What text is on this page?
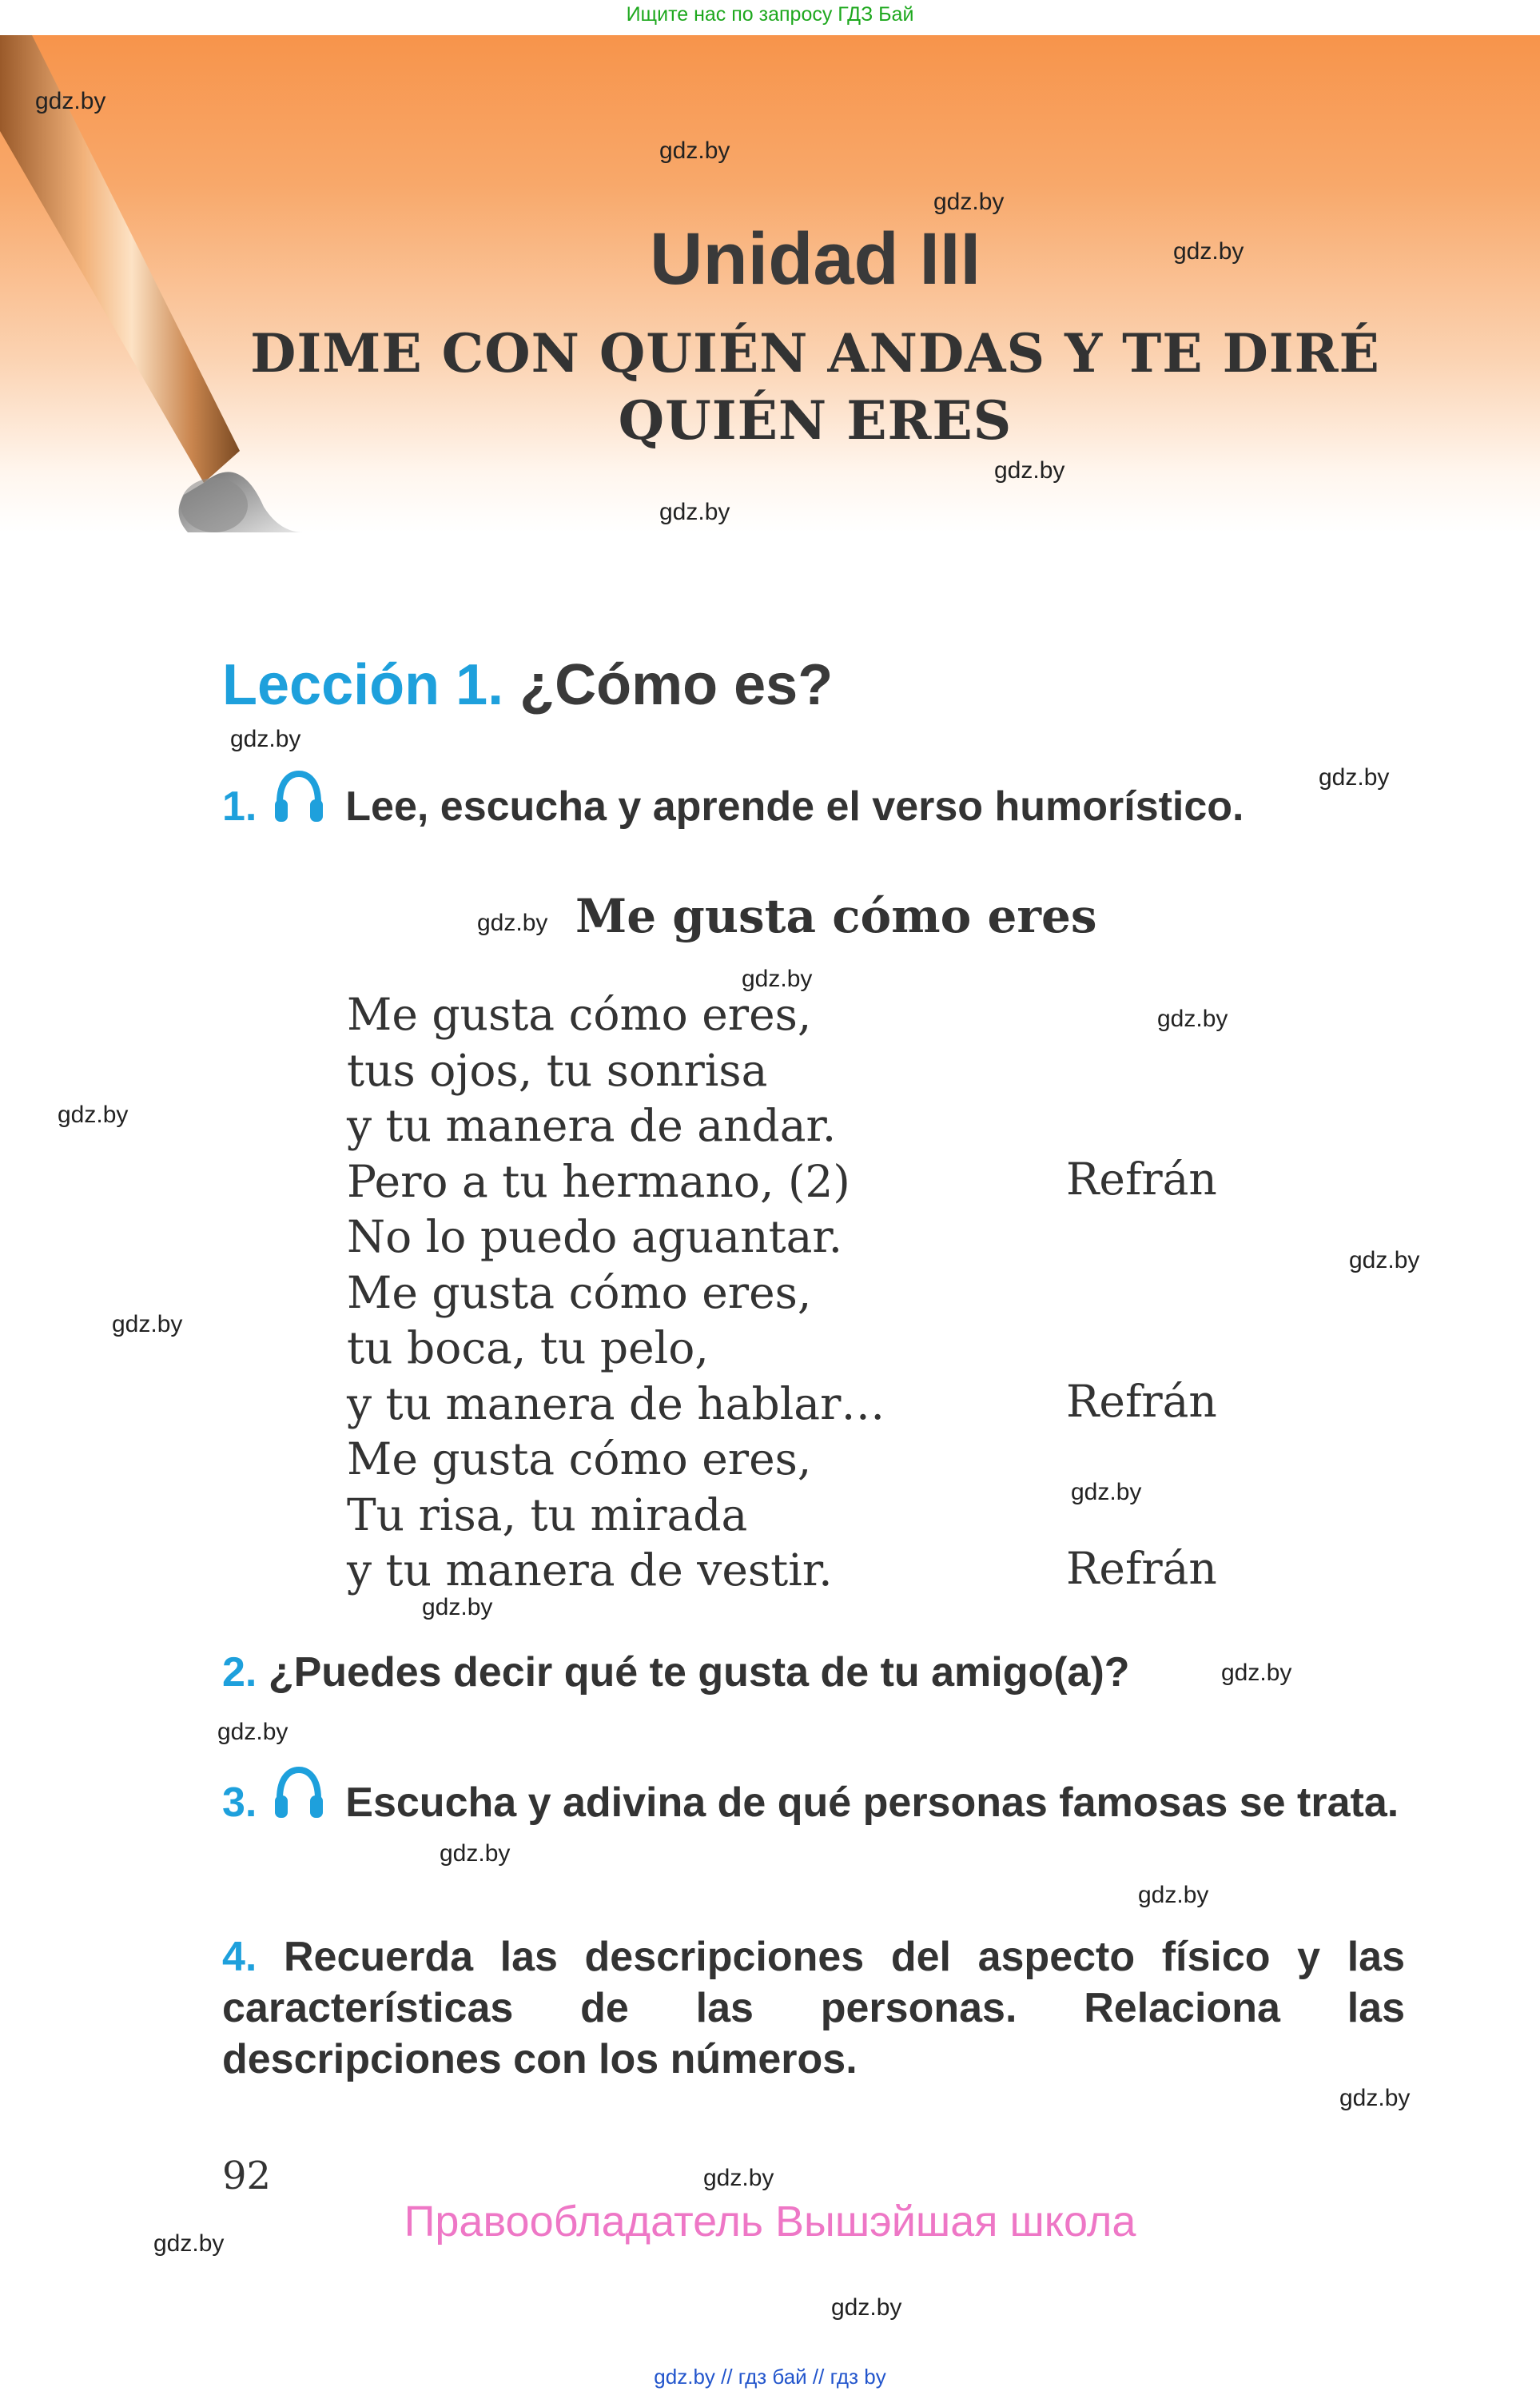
Ищите нас по запросу ГДЗ Бай
Unidad III
DIME CON QUIÉN ANDAS Y TE DIRÉ
QUIÉN ERES
Lección 1. ¿Cómo es?
1. Lee, escucha y aprende el verso humorístico.
Me gusta cómo eres
Me gusta cómo eres,
tus ojos, tu sonrisa
y tu manera de andar.
Pero a tu hermano, (2)
No lo puedo aguantar.
Me gusta cómo eres,
tu boca, tu pelo,
y tu manera de hablar…
Me gusta cómo eres,
Tu risa, tu mirada
y tu manera de vestir.
Refrán
Refrán
Refrán
2. ¿Puedes decir qué te gusta de tu amigo(a)?
3. Escucha y adivina de qué personas famosas se trata.
4. Recuerda las descripciones del aspecto físico y las características de las personas. Relaciona las descripciones con los números.
92
Правообладатель Вышэйшая школа
gdz.by // гдз бай // гдз by
gdz.by
gdz.by
gdz.by
gdz.by
gdz.by
gdz.by
gdz.by
gdz.by
gdz.by
gdz.by
gdz.by
gdz.by
gdz.by
gdz.by
gdz.by
gdz.by
gdz.by
gdz.by
gdz.by
gdz.by
gdz.by
gdz.by
gdz.by
gdz.by
